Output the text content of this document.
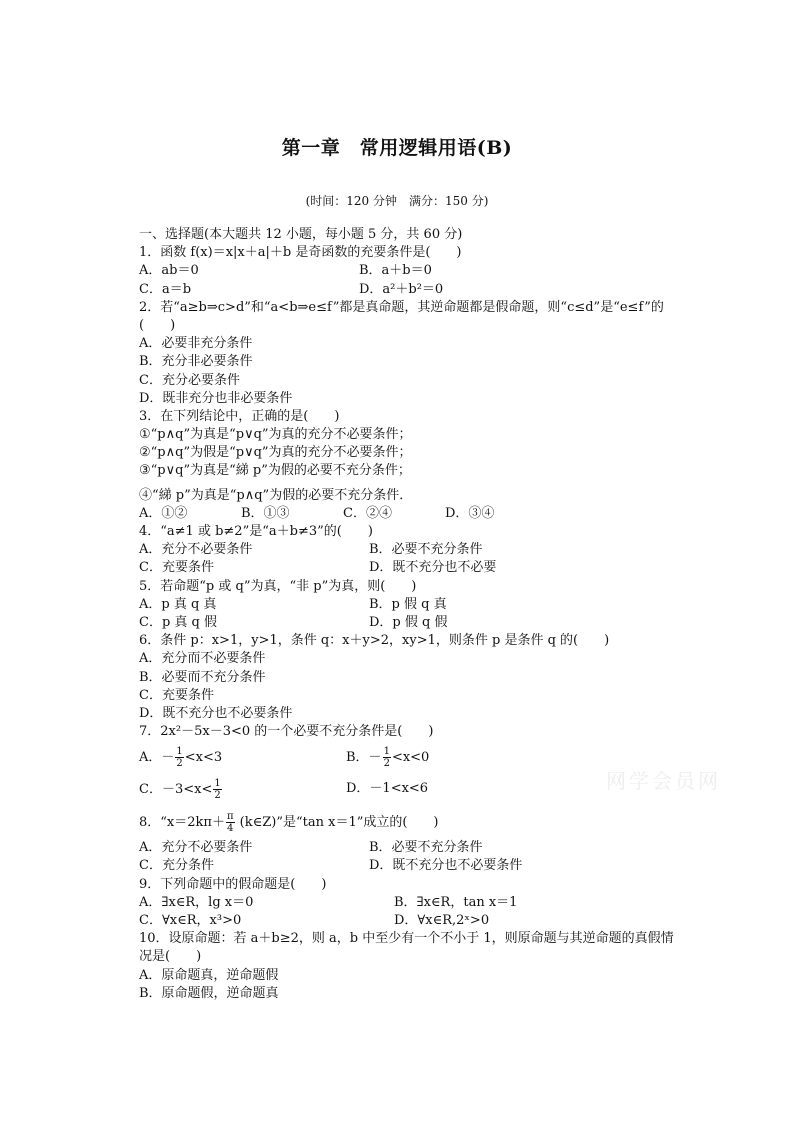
第一章　常用逻辑用语(B)
(时间：120 分钟　满分：150 分)
网学会员网
一、选择题(本大题共 12 小题，每小题 5 分，共 60 分)
1．函数 f(x)＝x|x＋a|＋b 是奇函数的充要条件是(　　)
A．ab＝0	B．a＋b＝0
C．a＝b	D．a²＋b²＝0
2．若“a≥b⇒c>d”和“a<b⇒e≤f”都是真命题，其逆命题都是假命题，则“c≤d”是“e≤f”的(　　)
A．必要非充分条件
B．充分非必要条件
C．充分必要条件
D．既非充分也非必要条件
3．在下列结论中，正确的是(　　)
①“p∧q”为真是“p∨q”为真的充分不必要条件；
②“p∧q”为假是“p∨q”为真的充分不必要条件；
③“p∨q”为真是“綈 p”为假的必要不充分条件；
④“綈 p”为真是“p∧q”为假的必要不充分条件．
A．①②	B．①③	C．②④	D．③④
4．“a≠1 或 b≠2”是“a＋b≠3”的(　　)
A．充分不必要条件	B．必要不充分条件
C．充要条件	D．既不充分也不必要
5．若命题“p 或 q”为真，“非 p”为真，则(　　)
A．p 真 q 真	B．p 假 q 真
C．p 真 q 假	D．p 假 q 假
6．条件 p：x>1，y>1，条件 q：x＋y>2，xy>1，则条件 p 是条件 q 的(　　)
A．充分而不必要条件
B．必要而不充分条件
C．充要条件
D．既不充分也不必要条件
7．2x²－5x－3<0 的一个必要不充分条件是(　　)
A．－ $\frac{1}{2} <x<3$	B．－ $\frac{1}{2} <x<0$
C．$-3<x< \frac{1}{2}$	D．－1<x<6
8．“$x=2k\pi+ \frac{\pi}{4}$ (k∈Z)”是“tan x＝1”成立的(　　)
A．充分不必要条件	B．必要不充分条件
C．充分条件	D．既不充分也不必要条件
9．下列命题中的假命题是(　　)
A．∃x∈R，lg x＝0	B．∃x∈R，tan x＝1
C．∀x∈R，x³>0	D．∀x∈R,2ˣ>0
10．设原命题：若 a＋b≥2，则 a，b 中至少有一个不小于 1，则原命题与其逆命题的真假情况是(　　)
A．原命题真，逆命题假
B．原命题假，逆命题真
